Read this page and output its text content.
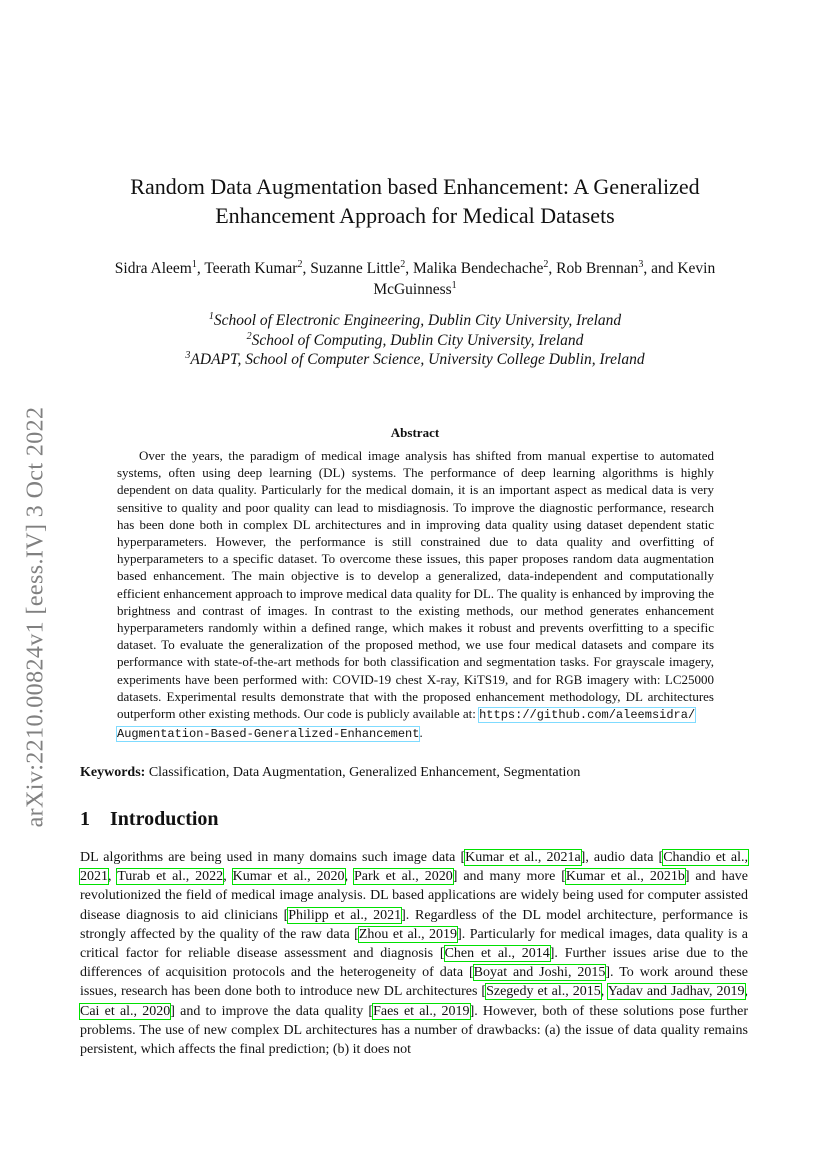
arXiv:2210.00824v1 [eess.IV] 3 Oct 2022
Random Data Augmentation based Enhancement: A Generalized
Enhancement Approach for Medical Datasets
Sidra Aleem$^1$, Teerath Kumar$^2$, Suzanne Little$^2$, Malika Bendechache$^2$, Rob Brennan$^3$, and Kevin
McGuinness$^1$
$^1$School of Electronic Engineering, Dublin City University, Ireland
$^2$School of Computing, Dublin City University, Ireland
$^3$ADAPT, School of Computer Science, University College Dublin, Ireland
Abstract
Over the years, the paradigm of medical image analysis has shifted from manual expertise to automated systems, often using deep learning (DL) systems. The performance of deep learning algorithms is highly dependent on data quality. Particularly for the medical domain, it is an important aspect as medical data is very sensitive to quality and poor quality can lead to misdiagnosis. To improve the diagnostic performance, research has been done both in complex DL architectures and in improving data quality using dataset dependent static hyperparameters. However, the performance is still constrained due to data quality and overfitting of hyperparameters to a specific dataset. To overcome these issues, this paper proposes random data augmentation based enhancement. The main objective is to develop a generalized, data-independent and computationally efficient enhancement approach to improve medical data quality for DL. The quality is enhanced by improving the brightness and contrast of images. In contrast to the existing methods, our method generates enhancement hyperparameters randomly within a defined range, which makes it robust and prevents overfitting to a specific dataset. To evaluate the generalization of the proposed method, we use four medical datasets and compare its performance with state-of-the-art methods for both classification and segmentation tasks. For grayscale imagery, experiments have been performed with: COVID-19 chest X-ray, KiTS19, and for RGB imagery with: LC25000 datasets. Experimental results demonstrate that with the proposed enhancement methodology, DL architectures outperform other existing methods. Our code is publicly available at: https://github.com/aleemsidra/
Augmentation-Based-Generalized-Enhancement.
Keywords: Classification, Data Augmentation, Generalized Enhancement, Segmentation
1 Introduction
DL algorithms are being used in many domains such image data [Kumar et al., 2021a], audio data [Chandio et al., 2021, Turab et al., 2022, Kumar et al., 2020, Park et al., 2020] and many more [Kumar et al., 2021b] and have revolutionized the field of medical image analysis. DL based applications are widely being used for computer assisted disease diagnosis to aid clinicians [Philipp et al., 2021]. Regardless of the DL model architecture, performance is strongly affected by the quality of the raw data [Zhou et al., 2019]. Particularly for medical images, data quality is a critical factor for reliable disease assessment and diagnosis [Chen et al., 2014]. Further issues arise due to the differences of acquisition protocols and the heterogeneity of data [Boyat and Joshi, 2015]. To work around these issues, research has been done both to introduce new DL architectures [Szegedy et al., 2015, Yadav and Jadhav, 2019, Cai et al., 2020] and to improve the data quality [Faes et al., 2019]. However, both of these solutions pose further problems. The use of new complex DL architectures has a number of drawbacks: (a) the issue of data quality remains persistent, which affects the final prediction; (b) it does not
